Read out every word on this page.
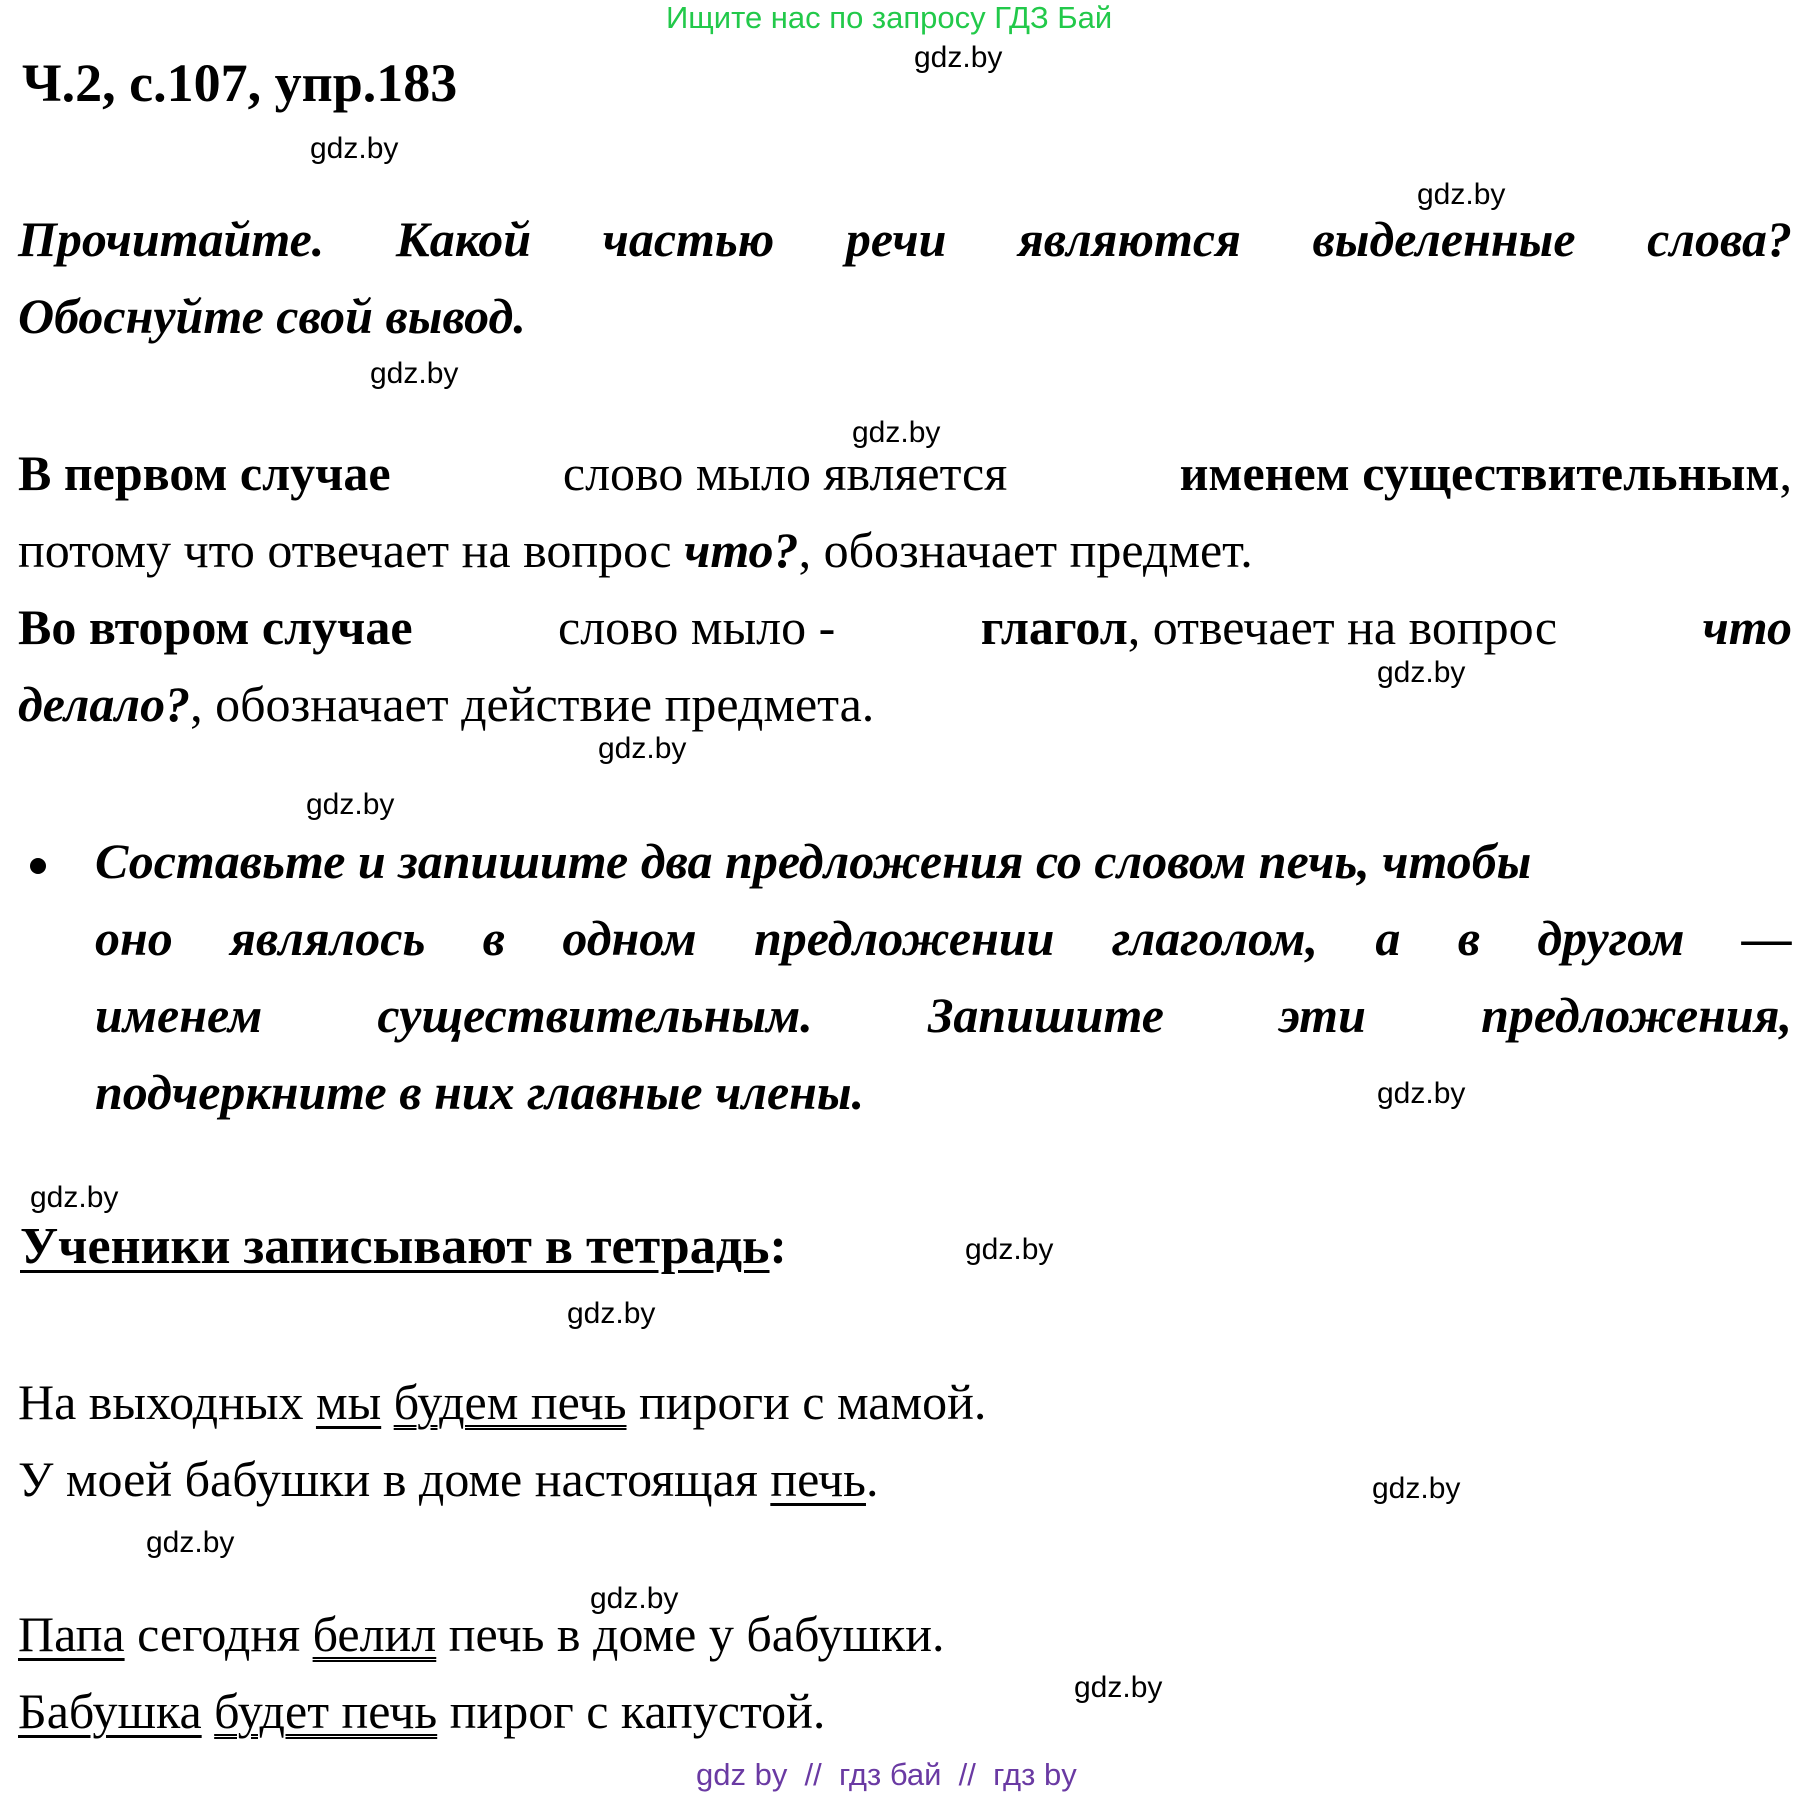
Ищите нас по запросу ГДЗ Бай
gdz.by
gdz.by
gdz.by
gdz.by
gdz.by
gdz.by
gdz.by
gdz.by
gdz.by
gdz.by
gdz.by
gdz.by
gdz.by
gdz.by
gdz.by
gdz.by
Ч.2, с.107, упр.183
Прочитайте. Какой частью речи являются выделенные слова?
Обоснуйте свой вывод.
В первом случае	слово мыло является	именем существительным,
потому что отвечает на вопрос что?, обозначает предмет.
Во втором случае	слово мыло -	глагол, отвечает на вопрос	что
делало?, обозначает действие предмета.
Составьте и запишите два предложения со словом печь, чтобы
оно являлось в одном предложении глаголом, а в другом —
именем существительным. Запишите эти предложения,
подчеркните в них главные члены.
Ученики записывают в тетрадь:
На выходных мы будем печь пироги с мамой.
У моей бабушки в доме настоящая печь.
Папа сегодня белил печь в доме у бабушки.
Бабушка будет печь пирог с капустой.
gdz by  //  гдз бай  //  гдз by
